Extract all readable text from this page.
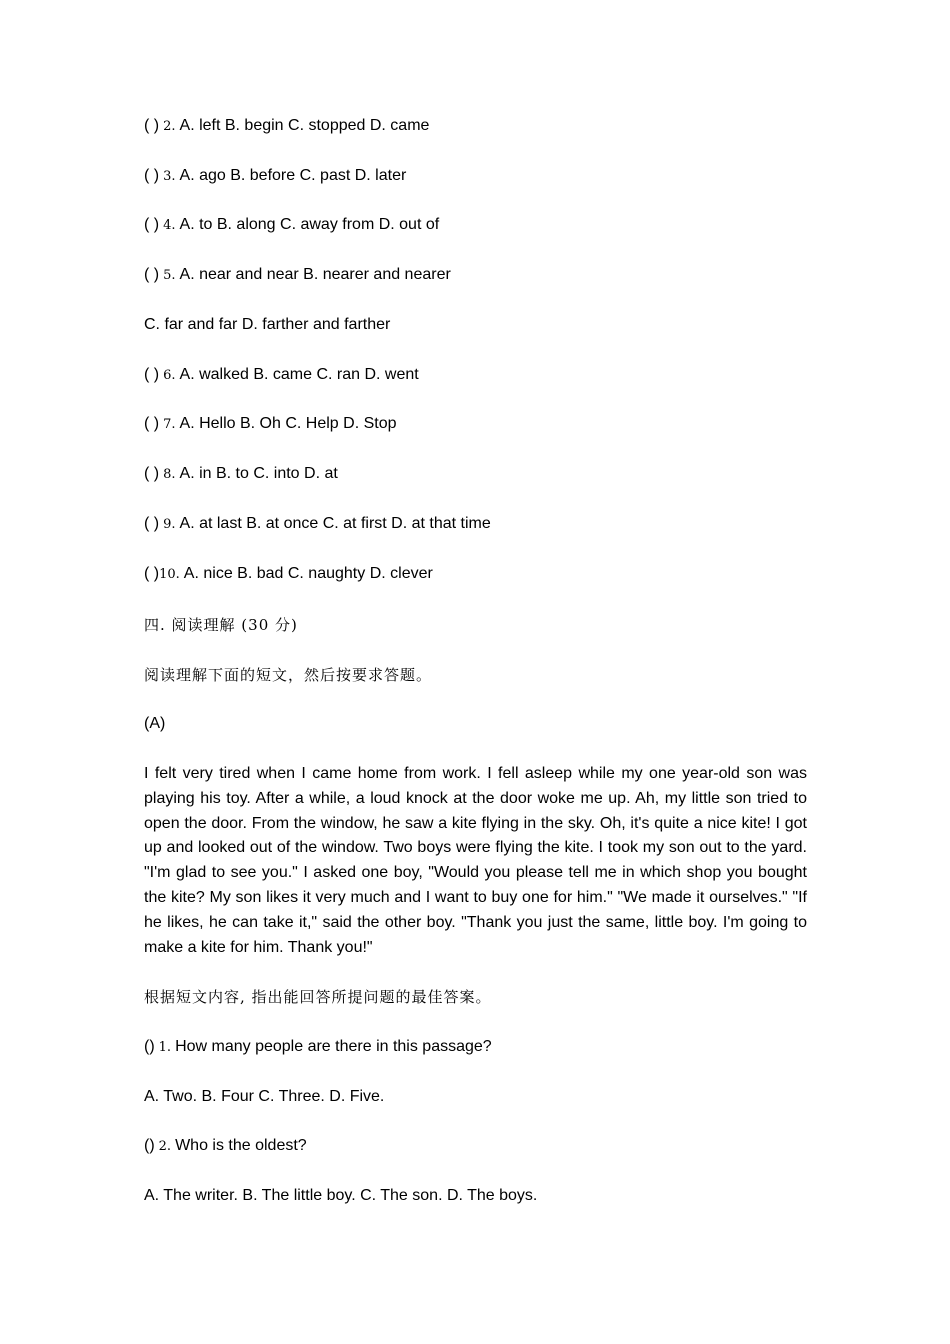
( ) 2. A. left B. begin C. stopped D. came

( ) 3. A. ago B. before C. past D. later

( ) 4. A. to B. along C. away from D. out of

( ) 5. A. near and near B. nearer and nearer

C. far and far D. farther and farther

( ) 6. A. walked B. came C. ran D. went

( ) 7. A. Hello B. Oh C. Help D. Stop

( ) 8. A. in B. to C. into D. at

( ) 9. A. at last B. at once C. at first D. at that time

( )10. A. nice B. bad C. naughty D. clever

四. 阅读理解 (30 分)

阅读理解下面的短文，然后按要求答题。

(A)

I felt very tired when I came home from work. I fell asleep while my one year-old son was playing his toy. After a while, a loud knock at the door woke me up. Ah, my little son tried to open the door. From the window, he saw a kite flying in the sky. Oh, it's quite a nice kite! I got up and looked out of the window. Two boys were flying the kite. I took my son out to the yard. "I'm glad to see you." I asked one boy, "Would you please tell me in which shop you bought the kite? My son likes it very much and I want to buy one for him." "We made it ourselves." "If he likes, he can take it," said the other boy. "Thank you just the same, little boy. I'm going to make a kite for him. Thank you!"

根据短文内容, 指出能回答所提问题的最佳答案。

() 1. How many people are there in this passage?

A. Two. B. Four C. Three. D. Five.

() 2. Who is the oldest?

A. The writer. B. The little boy. C. The son. D. The boys.
